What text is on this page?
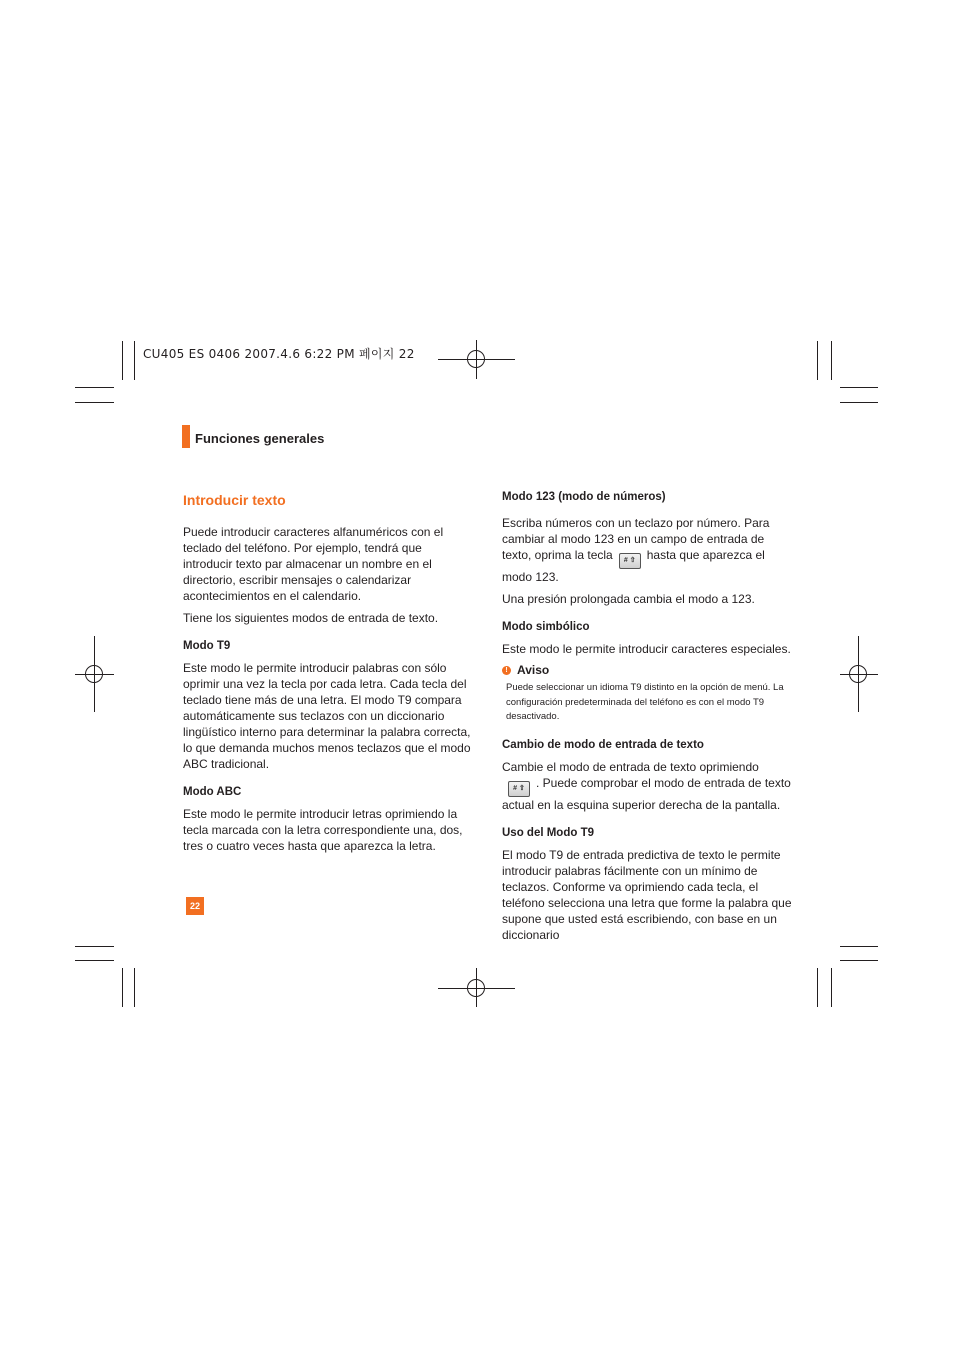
CU405 ES 0406 2007.4.6 6:22 PM 페이지 22
Funciones generales
Introducir texto

Puede introducir caracteres alfanuméricos con el teclado del teléfono. Por ejemplo, tendrá que introducir texto par almacenar un nombre en el directorio, escribir mensajes o calendarizar acontecimientos en el calendario.

Tiene los siguientes modos de entrada de texto.

Modo T9

Este modo le permite introducir palabras con sólo oprimir una vez la tecla por cada letra. Cada tecla del teclado tiene más de una letra. El modo T9 compara automáticamente sus teclazos con un diccionario lingüístico interno para determinar la palabra correcta, lo que demanda muchos menos teclazos que el modo ABC tradicional.

Modo ABC

Este modo le permite introducir letras oprimiendo la tecla marcada con la letra correspondiente una, dos, tres o cuatro veces hasta que aparezca la letra.

Modo 123 (modo de números)

Escriba números con un teclazo por número. Para cambiar al modo 123 en un campo de entrada de texto, oprima la tecla # ⇧ hasta que aparezca el modo 123.

Una presión prolongada cambia el modo a 123.

Modo simbólico

Este modo le permite introducir caracteres especiales.

! Aviso
Puede seleccionar un idioma T9 distinto en la opción de menú. La configuración predeterminada del teléfono es con el modo T9 desactivado.
Cambio de modo de entrada de texto

Cambie el modo de entrada de texto oprimiendo# ⇧ . Puede comprobar el modo de entrada de texto actual en la esquina superior derecha de la pantalla.

Uso del Modo T9

El modo T9 de entrada predictiva de texto le permite introducir palabras fácilmente con un mínimo de teclazos. Conforme va oprimiendo cada tecla, el teléfono selecciona una letra que forme la palabra que supone que usted está escribiendo, con base en un diccionario

22
